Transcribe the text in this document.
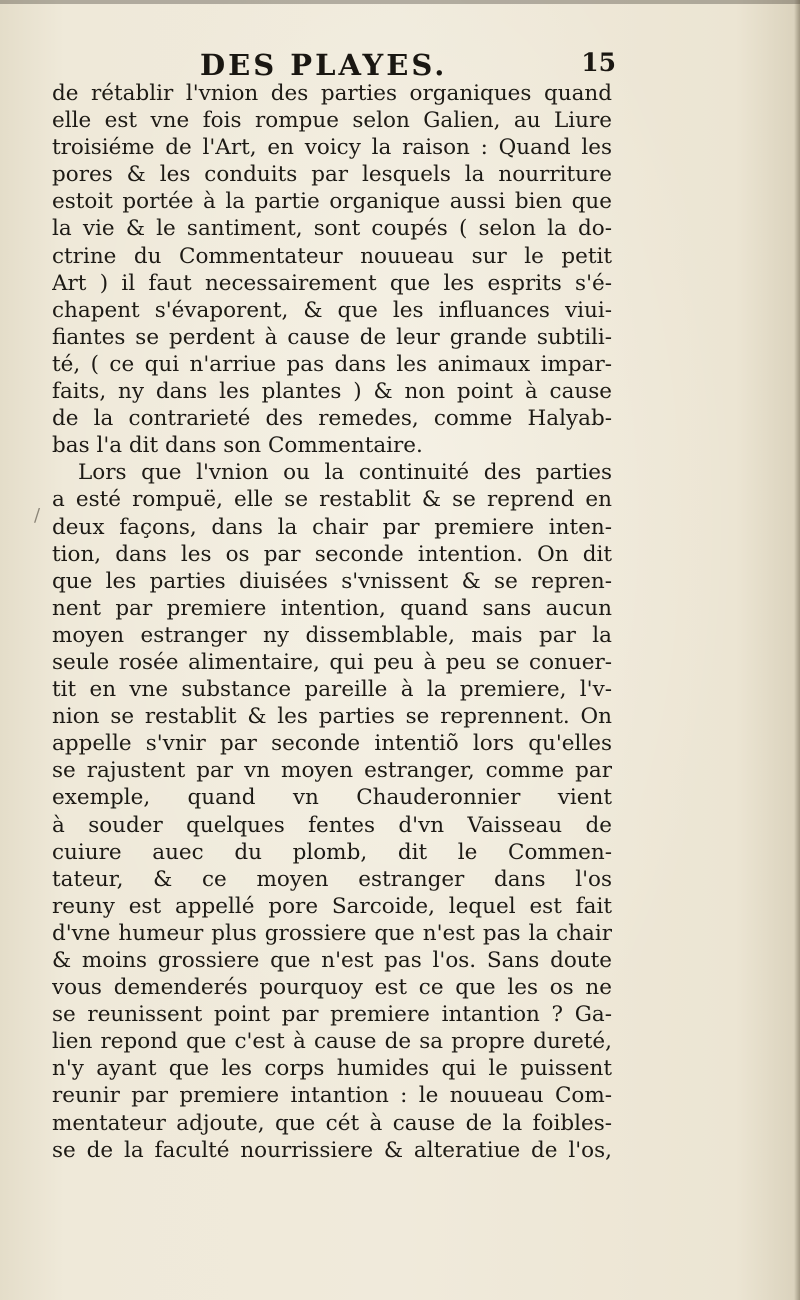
DES PLAYES.	15
de rétablir l'vnion des parties organiques quand
elle est vne fois rompue selon Galien, au Liure
troisiéme de l'Art, en voicy la raison : Quand les
pores & les conduits par lesquels la nourriture
estoit portée à la partie organique aussi bien que
la vie & le santiment, sont coupés ( selon la do-
ctrine du Commentateur nouueau sur le petit
Art ) il faut necessairement que les esprits s'é-
chapent s'évaporent, & que les influances viui-
fiantes se perdent à cause de leur grande subtili-
té, ( ce qui n'arriue pas dans les animaux impar-
faits, ny dans les plantes ) & non point à cause
de la contrarieté des remedes, comme Halyab-
bas l'a dit dans son Commentaire.
Lors que l'vnion ou la continuité des parties
a esté rompuë, elle se restablit & se reprend en
deux façons, dans la chair par premiere inten-
tion, dans les os par seconde intention. On dit
que les parties diuisées s'vnissent & se repren-
nent par premiere intention, quand sans aucun
moyen estranger ny dissemblable, mais par la
seule rosée alimentaire, qui peu à peu se conuer-
tit en vne substance pareille à la premiere, l'v-
nion se restablit & les parties se reprennent. On
appelle s'vnir par seconde intentiõ lors qu'elles
se rajustent par vn moyen estranger, comme par
exemple, quand vn Chauderonnier vient
à souder quelques fentes d'vn Vaisseau de
cuiure auec du plomb, dit le Commen-
tateur, & ce moyen estranger dans l'os
reuny est appellé pore Sarcoide, lequel est fait
d'vne humeur plus grossiere que n'est pas la chair
& moins grossiere que n'est pas l'os. Sans doute
vous demenderés pourquoy est ce que les os ne
se reunissent point par premiere intantion ? Ga-
lien repond que c'est à cause de sa propre dureté,
n'y ayant que les corps humides qui le puissent
reunir par premiere intantion : le nouueau Com-
mentateur adjoute, que cét à cause de la foibles-
se de la faculté nourrissiere & alteratiue de l'os,
/
